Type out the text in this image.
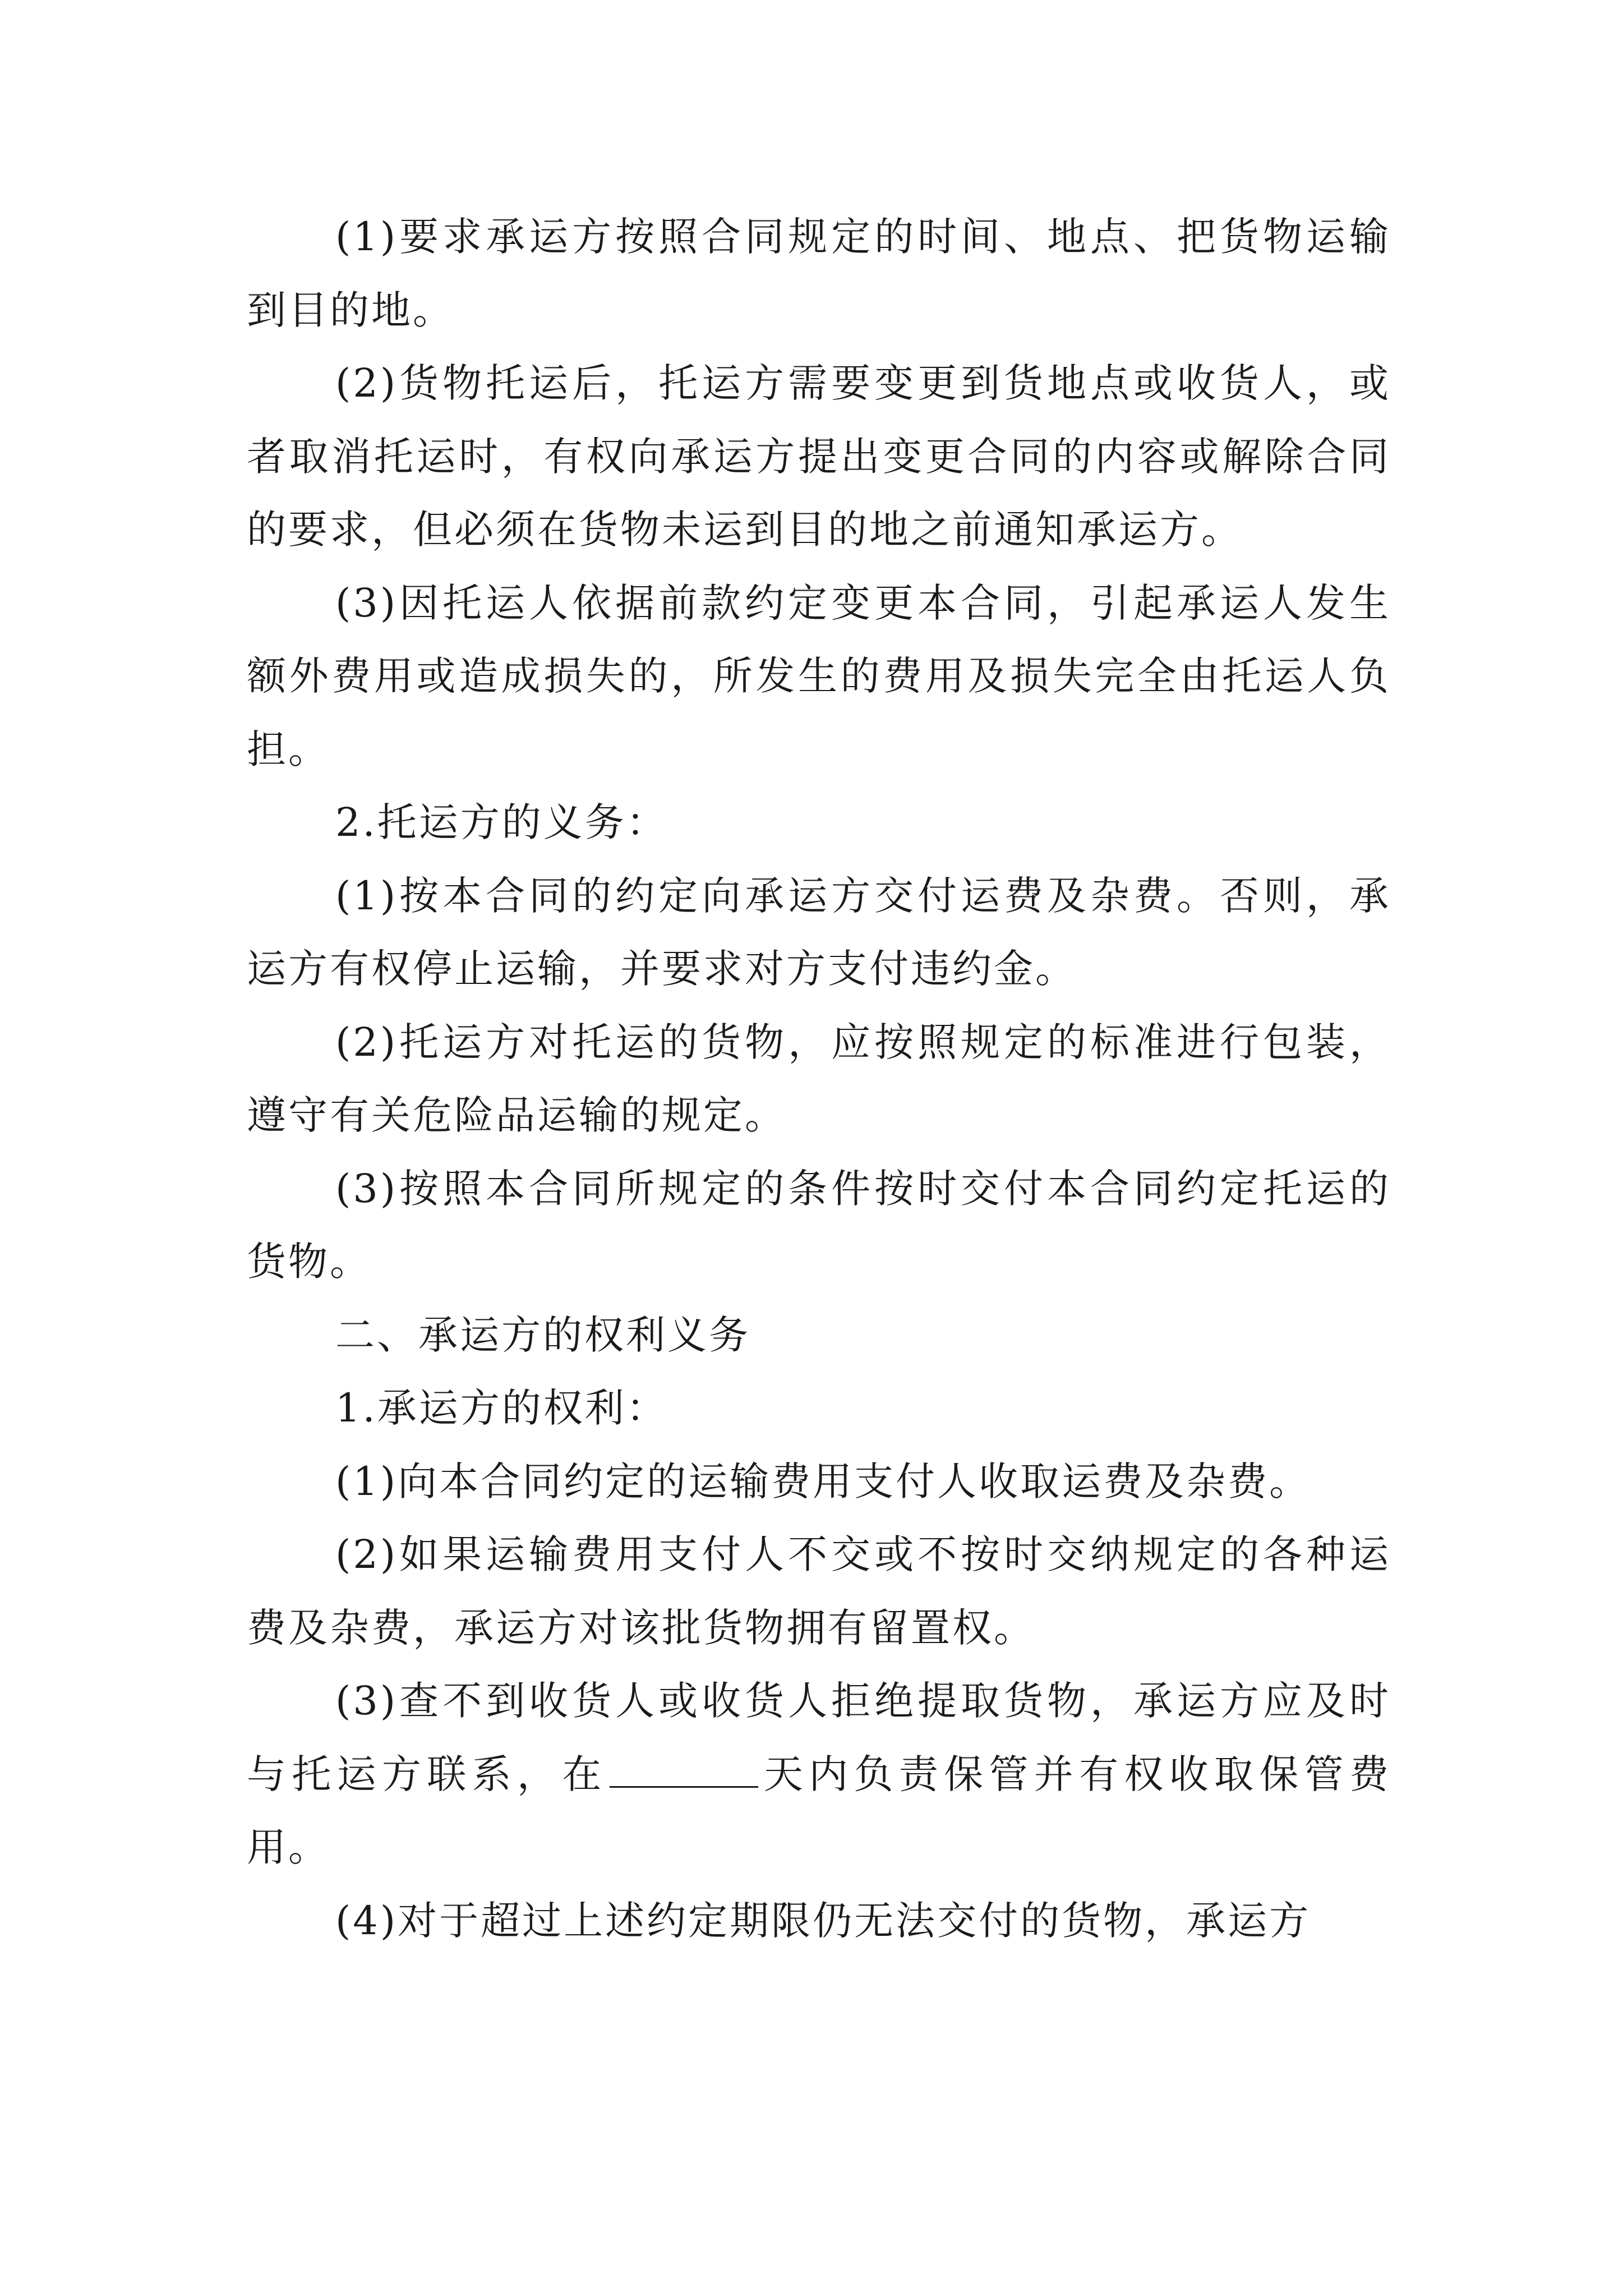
(1)要求承运方按照合同规定的时间、地点、把货物运输到目的地。

(2)货物托运后，托运方需要变更到货地点或收货人，或者取消托运时，有权向承运方提出变更合同的内容或解除合同的要求，但必须在货物未运到目的地之前通知承运方。

(3)因托运人依据前款约定变更本合同，引起承运人发生额外费用或造成损失的，所发生的费用及损失完全由托运人负担。

2.托运方的义务：

(1)按本合同的约定向承运方交付运费及杂费。否则，承运方有权停止运输，并要求对方支付违约金。

(2)托运方对托运的货物，应按照规定的标准进行包装，遵守有关危险品运输的规定。

(3)按照本合同所规定的条件按时交付本合同约定托运的货物。

二、承运方的权利义务

1.承运方的权利：

(1)向本合同约定的运输费用支付人收取运费及杂费。

(2)如果运输费用支付人不交或不按时交纳规定的各种运费及杂费，承运方对该批货物拥有留置权。

(3)查不到收货人或收货人拒绝提取货物，承运方应及时与托运方联系，在	天内负责保管并有权收取保管费用。

(4)对于超过上述约定期限仍无法交付的货物，承运方
